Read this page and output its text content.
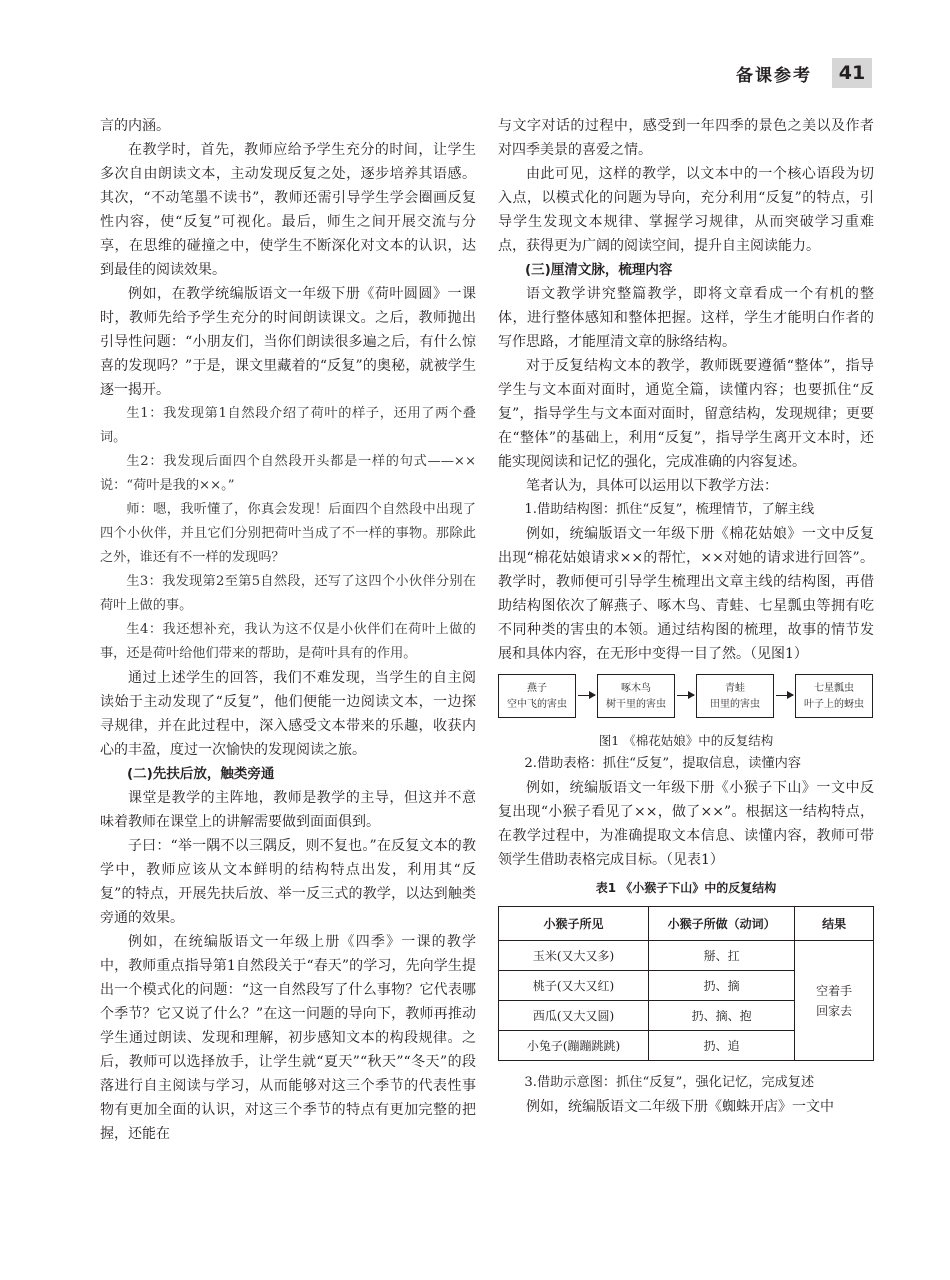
备课参考	41

言的内涵。

在教学时，首先，教师应给予学生充分的时间，让学生多次自由朗读文本，主动发现反复之处，逐步培养其语感。其次，“不动笔墨不读书”，教师还需引导学生学会圈画反复性内容，使“反复”可视化。最后，师生之间开展交流与分享，在思维的碰撞之中，使学生不断深化对文本的认识，达到最佳的阅读效果。

例如，在教学统编版语文一年级下册《荷叶圆圆》一课时，教师先给予学生充分的时间朗读课文。之后，教师抛出引导性问题：“小朋友们，当你们朗读很多遍之后，有什么惊喜的发现吗？”于是，课文里藏着的“反复”的奥秘，就被学生逐一揭开。

生1：我发现第1自然段介绍了荷叶的样子，还用了两个叠词。

生2：我发现后面四个自然段开头都是一样的句式——××说：“荷叶是我的××。”

师：嗯，我听懂了，你真会发现！后面四个自然段中出现了四个小伙伴，并且它们分别把荷叶当成了不一样的事物。那除此之外，谁还有不一样的发现吗？

生3：我发现第2至第5自然段，还写了这四个小伙伴分别在荷叶上做的事。

生4：我还想补充，我认为这不仅是小伙伴们在荷叶上做的事，还是荷叶给他们带来的帮助，是荷叶具有的作用。

通过上述学生的回答，我们不难发现，当学生的自主阅读始于主动发现了“反复”，他们便能一边阅读文本，一边探寻规律，并在此过程中，深入感受文本带来的乐趣，收获内心的丰盈，度过一次愉快的发现阅读之旅。

(二)先扶后放，触类旁通

课堂是教学的主阵地，教师是教学的主导，但这并不意味着教师在课堂上的讲解需要做到面面俱到。

子曰：“举一隅不以三隅反，则不复也。”在反复文本的教学中，教师应该从文本鲜明的结构特点出发，利用其“反复”的特点，开展先扶后放、举一反三式的教学，以达到触类旁通的效果。

例如，在统编版语文一年级上册《四季》一课的教学中，教师重点指导第1自然段关于“春天”的学习，先向学生提出一个模式化的问题：“这一自然段写了什么事物？它代表哪个季节？它又说了什么？”在这一问题的导向下，教师再推动学生通过朗读、发现和理解，初步感知文本的构段规律。之后，教师可以选择放手，让学生就“夏天”“秋天”“冬天”的段落进行自主阅读与学习，从而能够对这三个季节的代表性事物有更加全面的认识，对这三个季节的特点有更加完整的把握，还能在

与文字对话的过程中，感受到一年四季的景色之美以及作者对四季美景的喜爱之情。

由此可见，这样的教学，以文本中的一个核心语段为切入点，以模式化的问题为导向，充分利用“反复”的特点，引导学生发现文本规律、掌握学习规律，从而突破学习重难点，获得更为广阔的阅读空间，提升自主阅读能力。

(三)厘清文脉，梳理内容

语文教学讲究整篇教学，即将文章看成一个有机的整体，进行整体感知和整体把握。这样，学生才能明白作者的写作思路，才能厘清文章的脉络结构。

对于反复结构文本的教学，教师既要遵循“整体”，指导学生与文本面对面时，通览全篇，读懂内容；也要抓住“反复”，指导学生与文本面对面时，留意结构，发现规律；更要在“整体”的基础上，利用“反复”，指导学生离开文本时，还能实现阅读和记忆的强化，完成准确的内容复述。

笔者认为，具体可以运用以下教学方法：

1.借助结构图：抓住“反复”，梳理情节，了解主线

例如，统编版语文一年级下册《棉花姑娘》一文中反复出现“棉花姑娘请求××的帮忙，××对她的请求进行回答”。教学时，教师便可引导学生梳理出文章主线的结构图，再借助结构图依次了解燕子、啄木鸟、青蛙、七星瓢虫等拥有吃不同种类的害虫的本领。通过结构图的梳理，故事的情节发展和具体内容，在无形中变得一目了然。（见图1）

燕子
空中飞的害虫
啄木鸟
树干里的害虫
青蛙
田里的害虫
七星瓢虫
叶子上的蚜虫
图1 《棉花姑娘》中的反复结构

2.借助表格：抓住“反复”，提取信息，读懂内容

例如，统编版语文一年级下册《小猴子下山》一文中反复出现“小猴子看见了××，做了××”。根据这一结构特点，在教学过程中，为准确提取文本信息、读懂内容，教师可带领学生借助表格完成目标。（见表1）

表1 《小猴子下山》中的反复结构
小猴子所见	小猴子所做（动词）	结果
玉米(又大又多)	掰、扛	空着手回家去
桃子(又大又红)	扔、摘	
西瓜(又大又圆)	扔、摘、抱	
小兔子(蹦蹦跳跳)	扔、追	

3.借助示意图：抓住“反复”，强化记忆，完成复述

例如，统编版语文二年级下册《蜘蛛开店》一文中
